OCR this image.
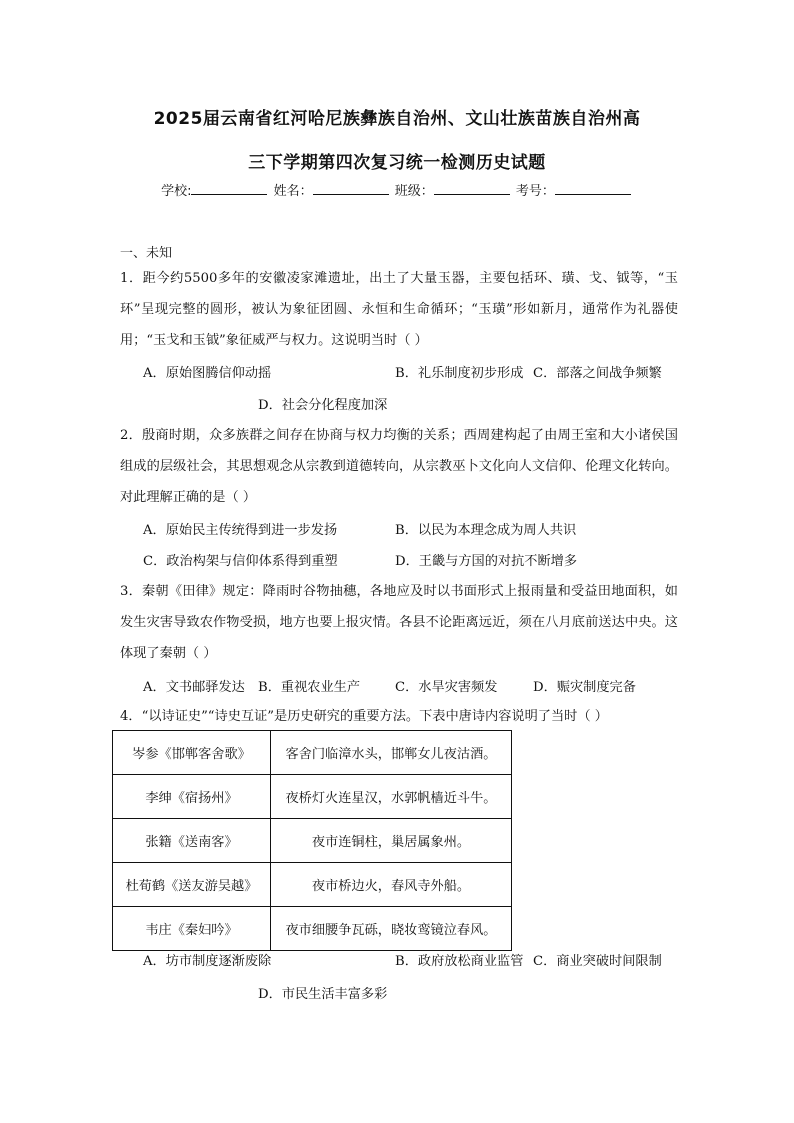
2025届云南省红河哈尼族彝族自治州、文山壮族苗族自治州高
三下学期第四次复习统一检测历史试题
学校:	姓名：	班级：	考号：
一、未知
1．距今约5500多年的安徽凌家滩遗址，出土了大量玉器，主要包括环、璜、戈、钺等，“玉环”呈现完整的圆形，被认为象征团圆、永恒和生命循环；“玉璜”形如新月，通常作为礼器使用；“玉戈和玉钺”象征威严与权力。这说明当时（ ）
A．原始图腾信仰动摇	B．礼乐制度初步形成 C．部落之间战争频繁
D．社会分化程度加深
2．殷商时期，众多族群之间存在协商与权力均衡的关系；西周建构起了由周王室和大小诸侯国组成的层级社会，其思想观念从宗教到道德转向，从宗教巫卜文化向人文信仰、伦理文化转向。对此理解正确的是（ ）
A．原始民主传统得到进一步发扬	B．以民为本理念成为周人共识
C．政治构架与信仰体系得到重塑	D．王畿与方国的对抗不断增多
3．秦朝《田律》规定：降雨时谷物抽穗，各地应及时以书面形式上报雨量和受益田地面积，如发生灾害导致农作物受损，地方也要上报灾情。各县不论距离远近，须在八月底前送达中央。这体现了秦朝（ ）
A．文书邮驿发达 B．重视农业生产	C．水旱灾害频发	D．赈灾制度完备
4．“以诗证史”“诗史互证”是历史研究的重要方法。下表中唐诗内容说明了当时（ ）
岑参《邯郸客舍歌》	客舍门临漳水头，邯郸女儿夜沽酒。
李绅《宿扬州》	夜桥灯火连星汉，水郭帆樯近斗牛。
张籍《送南客》	夜市连铜柱，巢居属象州。
杜荀鹤《送友游吴越》	夜市桥边火，春风寺外船。
韦庄《秦妇吟》	夜市细腰争瓦砾，晓妆鸾镜泣春风。
A．坊市制度逐渐废除	B．政府放松商业监管 C．商业突破时间限制
D．市民生活丰富多彩
